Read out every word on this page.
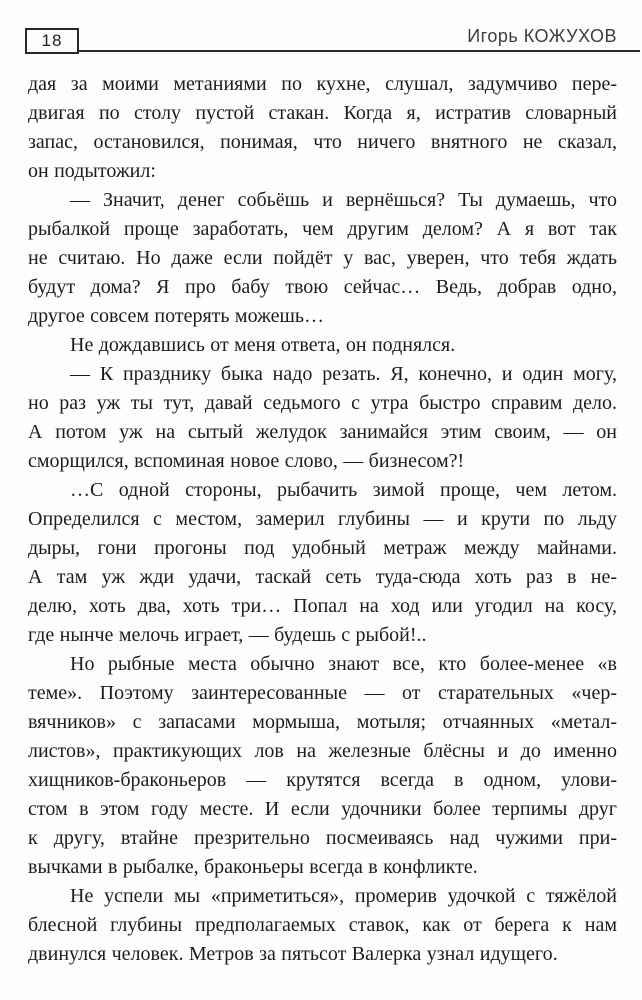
18	Игорь КОЖУХОВ
дая за моими метаниями по кухне, слушал, задумчиво пере-
двигая по столу пустой стакан. Когда я, истратив словарный
запас, остановился, понимая, что ничего внятного не сказал,
он подытожил:
— Значит, денег собьёшь и вернёшься? Ты думаешь, что
рыбалкой проще заработать, чем другим делом? А я вот так
не считаю. Но даже если пойдёт у вас, уверен, что тебя ждать
будут дома? Я про бабу твою сейчас… Ведь, добрав одно,
другое совсем потерять можешь…
Не дождавшись от меня ответа, он поднялся.
— К празднику быка надо резать. Я, конечно, и один могу,
но раз уж ты тут, давай седьмого с утра быстро справим дело.
А потом уж на сытый желудок занимайся этим своим, — он
сморщился, вспоминая новое слово, — бизнесом?!
…С одной стороны, рыбачить зимой проще, чем летом.
Определился с местом, замерил глубины — и крути по льду
дыры, гони прогоны под удобный метраж между майнами.
А там уж жди удачи, таскай сеть туда-сюда хоть раз в не-
делю, хоть два, хоть три… Попал на ход или угодил на косу,
где нынче мелочь играет, — будешь с рыбой!..
Но рыбные места обычно знают все, кто более-менее «в
теме». Поэтому заинтересованные — от старательных «чер-
вячников» с запасами мормыша, мотыля; отчаянных «метал-
листов», практикующих лов на железные блёсны и до именно
хищников-браконьеров — крутятся всегда в одном, улови-
стом в этом году месте. И если удочники более терпимы друг
к другу, втайне презрительно посмеиваясь над чужими при-
вычками в рыбалке, браконьеры всегда в конфликте.
Не успели мы «приметиться», промерив удочкой с тяжёлой
блесной глубины предполагаемых ставок, как от берега к нам
двинулся человек. Метров за пятьсот Валерка узнал идущего.
